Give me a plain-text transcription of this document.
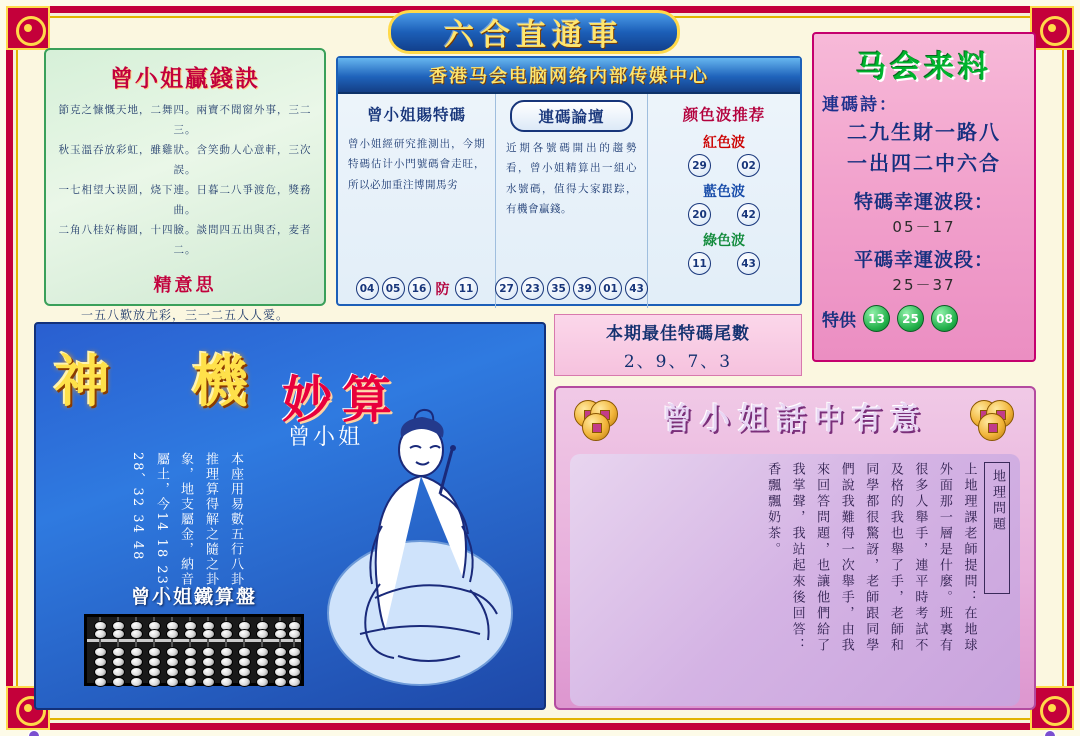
六合直通車
曾小姐贏錢訣
節克之慷慨天地，二舞四。兩寶不聞窗外事，三二三。
秋玉溫吞放彩虹，雖雞狀。含笑動人心意軒，三次誤。
一七相望大误圆，烧下連。日暮二八爭渡危，獎務曲。
二角八桂好梅圓，十四臉。談問四五出與否，麦者二。
精意思
一五八歎放尤彩，三一二五人人愛。
香港马会电脑网络内部传媒中心
曾小姐賜特碼
曾小姐經研究推測出，今期特碼估计小門號碼會走旺，所以必加重注博開馬劣
04	05	16 防 11
連碼論壇
近期各號碼開出的趨勢看，曾小姐精算出一組心水號碼，值得大家跟踪，有機會贏錢。
27	23	35	39	01	43
颜色波推荐
紅色波
29	02
藍色波
20	42
綠色波
11	43
马会来料
連碼詩：
二九生財一路八
一出四二中六合
特碼幸運波段：
05－17
平碼幸運波段：
25－37
特供	13	25	08
本期最佳特碼尾數
2、9、7、3
神 機 妙 算
曾小姐
本座用易數五行八卦
推理算得解之隨之卦
象，地支屬金，納音
屬土，今14 18 23、
28、32 34 48
曾小姐鐵算盤
曾小姐話中有意
上地理課老師提問：在地球
外面那一層是什麼。班裏有
很多人舉手，連平時考試不
及格的我也舉了手，老師和
同學都很驚訝，老師跟同學
們說我難得一次舉手，由我
來回答問題，也讓他們給了
我掌聲，我站起來後回答：
香飄飄奶茶。	地理問題
